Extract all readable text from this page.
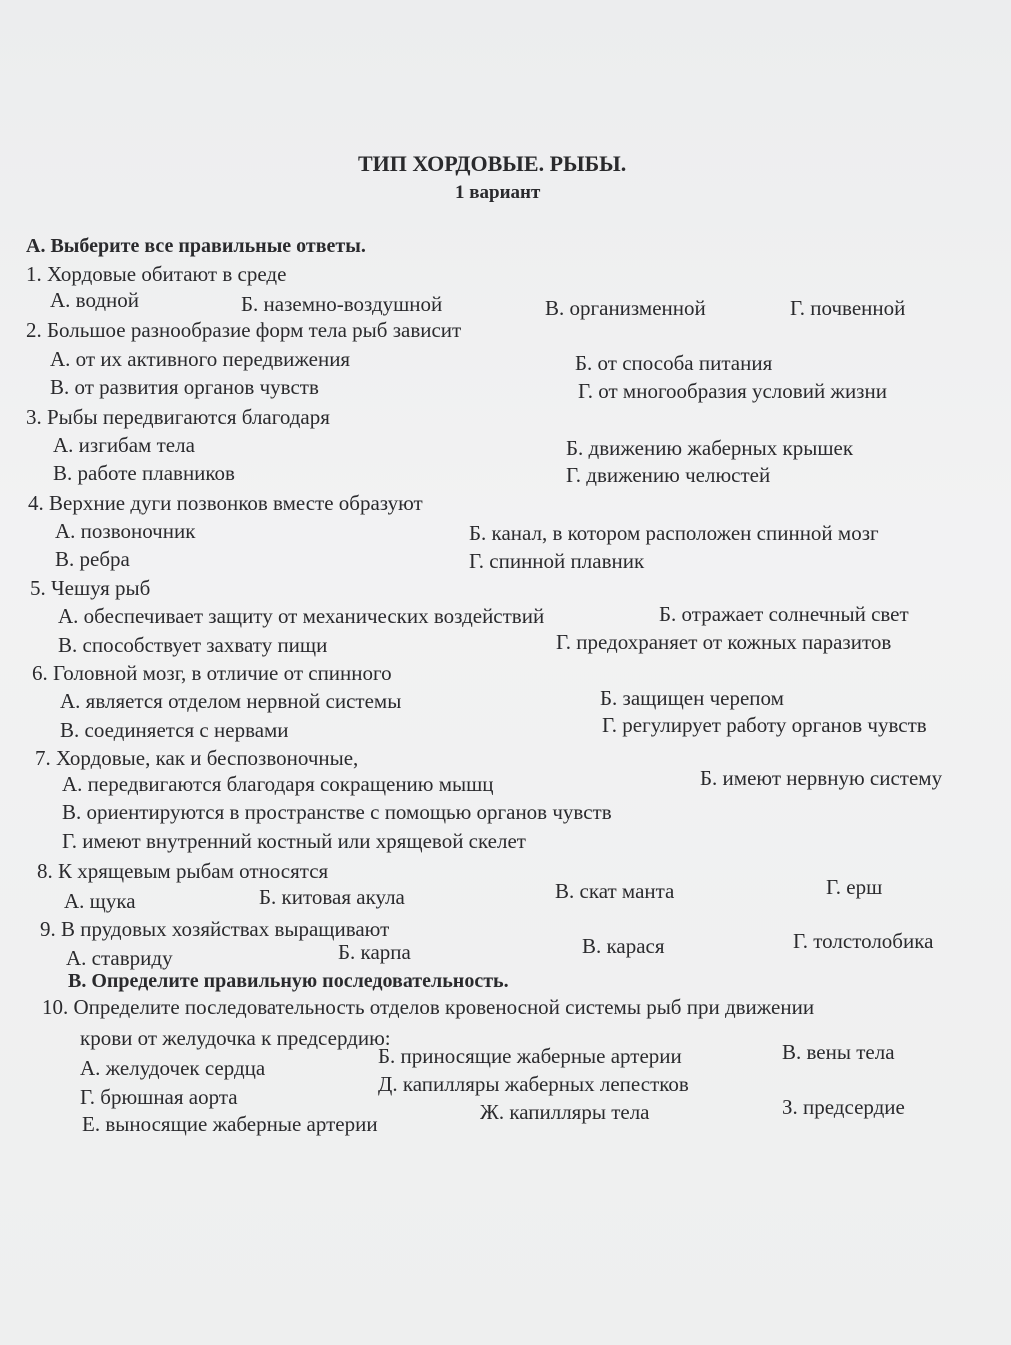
ТИП ХОРДОВЫЕ. РЫБЫ.
1 вариант
А. Выберите все правильные ответы.
1. Хордовые обитают в среде
А. водной	Б. наземно-воздушной	В. организменной	Г. почвенной
2. Большое разнообразие форм тела рыб зависит
А. от их активного передвижения	Б. от способа питания
В. от развития органов чувств	Г. от многообразия условий жизни
3. Рыбы передвигаются благодаря
А. изгибам тела	Б. движению жаберных крышек
В. работе плавников	Г. движению челюстей
4. Верхние дуги позвонков вместе образуют
А. позвоночник	Б. канал, в котором расположен спинной мозг
В. ребра	Г. спинной плавник
5. Чешуя рыб
А. обеспечивает защиту от механических воздействий	Б. отражает солнечный свет
В. способствует захвату пищи	Г. предохраняет от кожных паразитов
6. Головной мозг, в отличие от спинного
А. является отделом нервной системы	Б. защищен черепом
В. соединяется с нервами	Г. регулирует работу органов чувств
7. Хордовые, как и беспозвоночные,
А. передвигаются благодаря сокращению мышц	Б. имеют нервную систему
В. ориентируются в пространстве с помощью органов чувств
Г. имеют внутренний костный или хрящевой скелет
8. К хрящевым рыбам относятся
А. щука	Б. китовая акула	В. скат манта	Г. ерш
9. В прудовых хозяйствах выращивают
А. ставриду	Б. карпа	В. карася	Г. толстолобика
В. Определите правильную последовательность.
10. Определите последовательность отделов кровеносной системы рыб при движении
крови от желудочка к предсердию:
А. желудочек сердца	Б. приносящие жаберные артерии	В. вены тела
Г. брюшная аорта
Д. капилляры жаберных лепестков
Е. выносящие жаберные артерии	Ж. капилляры тела	З. предсердие
